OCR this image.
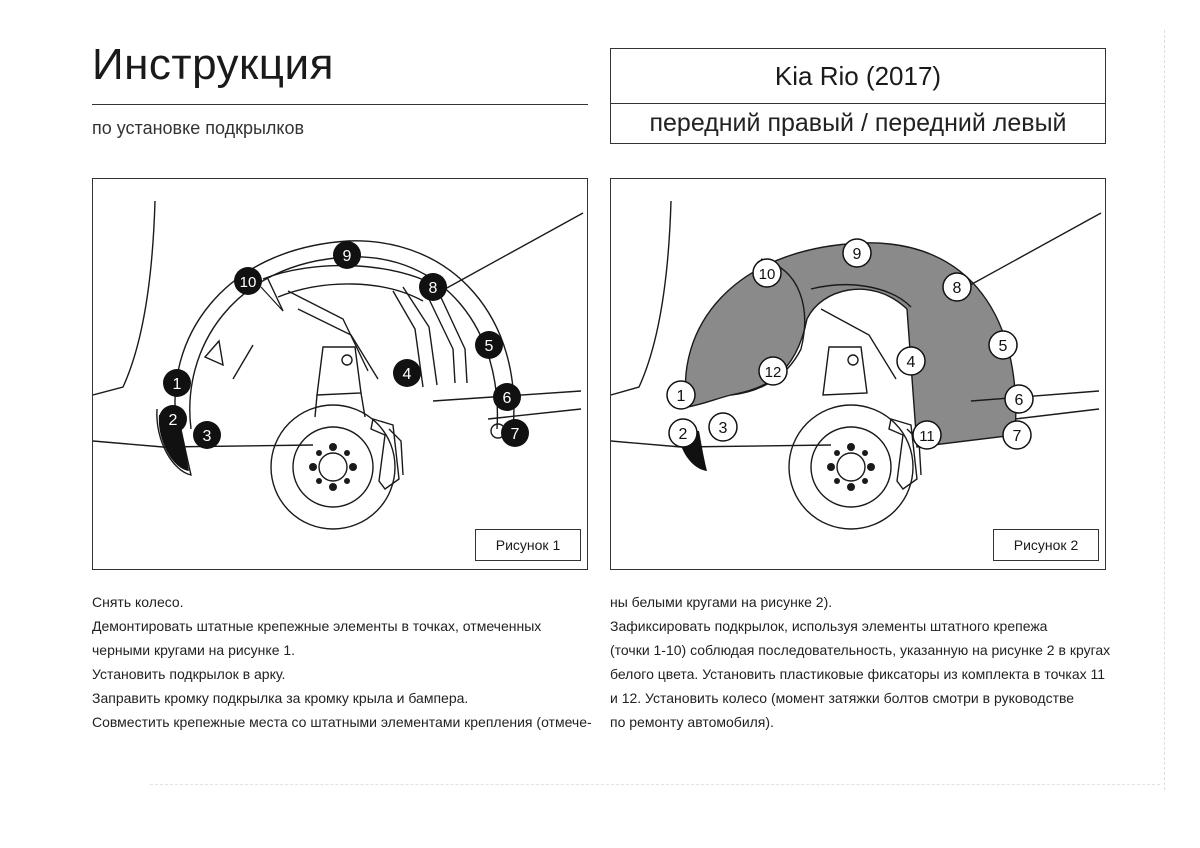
Инструкция
по установке подкрылков
Kia Rio (2017)
передний правый / передний левый
1
2
3
4
5
6
7
8
9
10
Рисунок 1
1
2 3
4
5
6
7
8
9
10
11
12
Рисунок 2
Снять колесо.
Демонтировать штатные крепежные элементы в точках, отмеченных
черными кругами на рисунке 1.
Установить подкрылок в арку.
Заправить кромку подкрылка за кромку крыла и бампера.
Совместить крепежные места со штатными элементами крепления (отмече-
ны белыми кругами на рисунке 2).
Зафиксировать подкрылок, используя элементы штатного крепежа
(точки 1-10) соблюдая последовательность, указанную на рисунке 2 в кругах
белого цвета. Установить пластиковые фиксаторы из комплекта в точках 11
и 12. Установить колесо (момент затяжки болтов смотри в руководстве
по ремонту автомобиля).
